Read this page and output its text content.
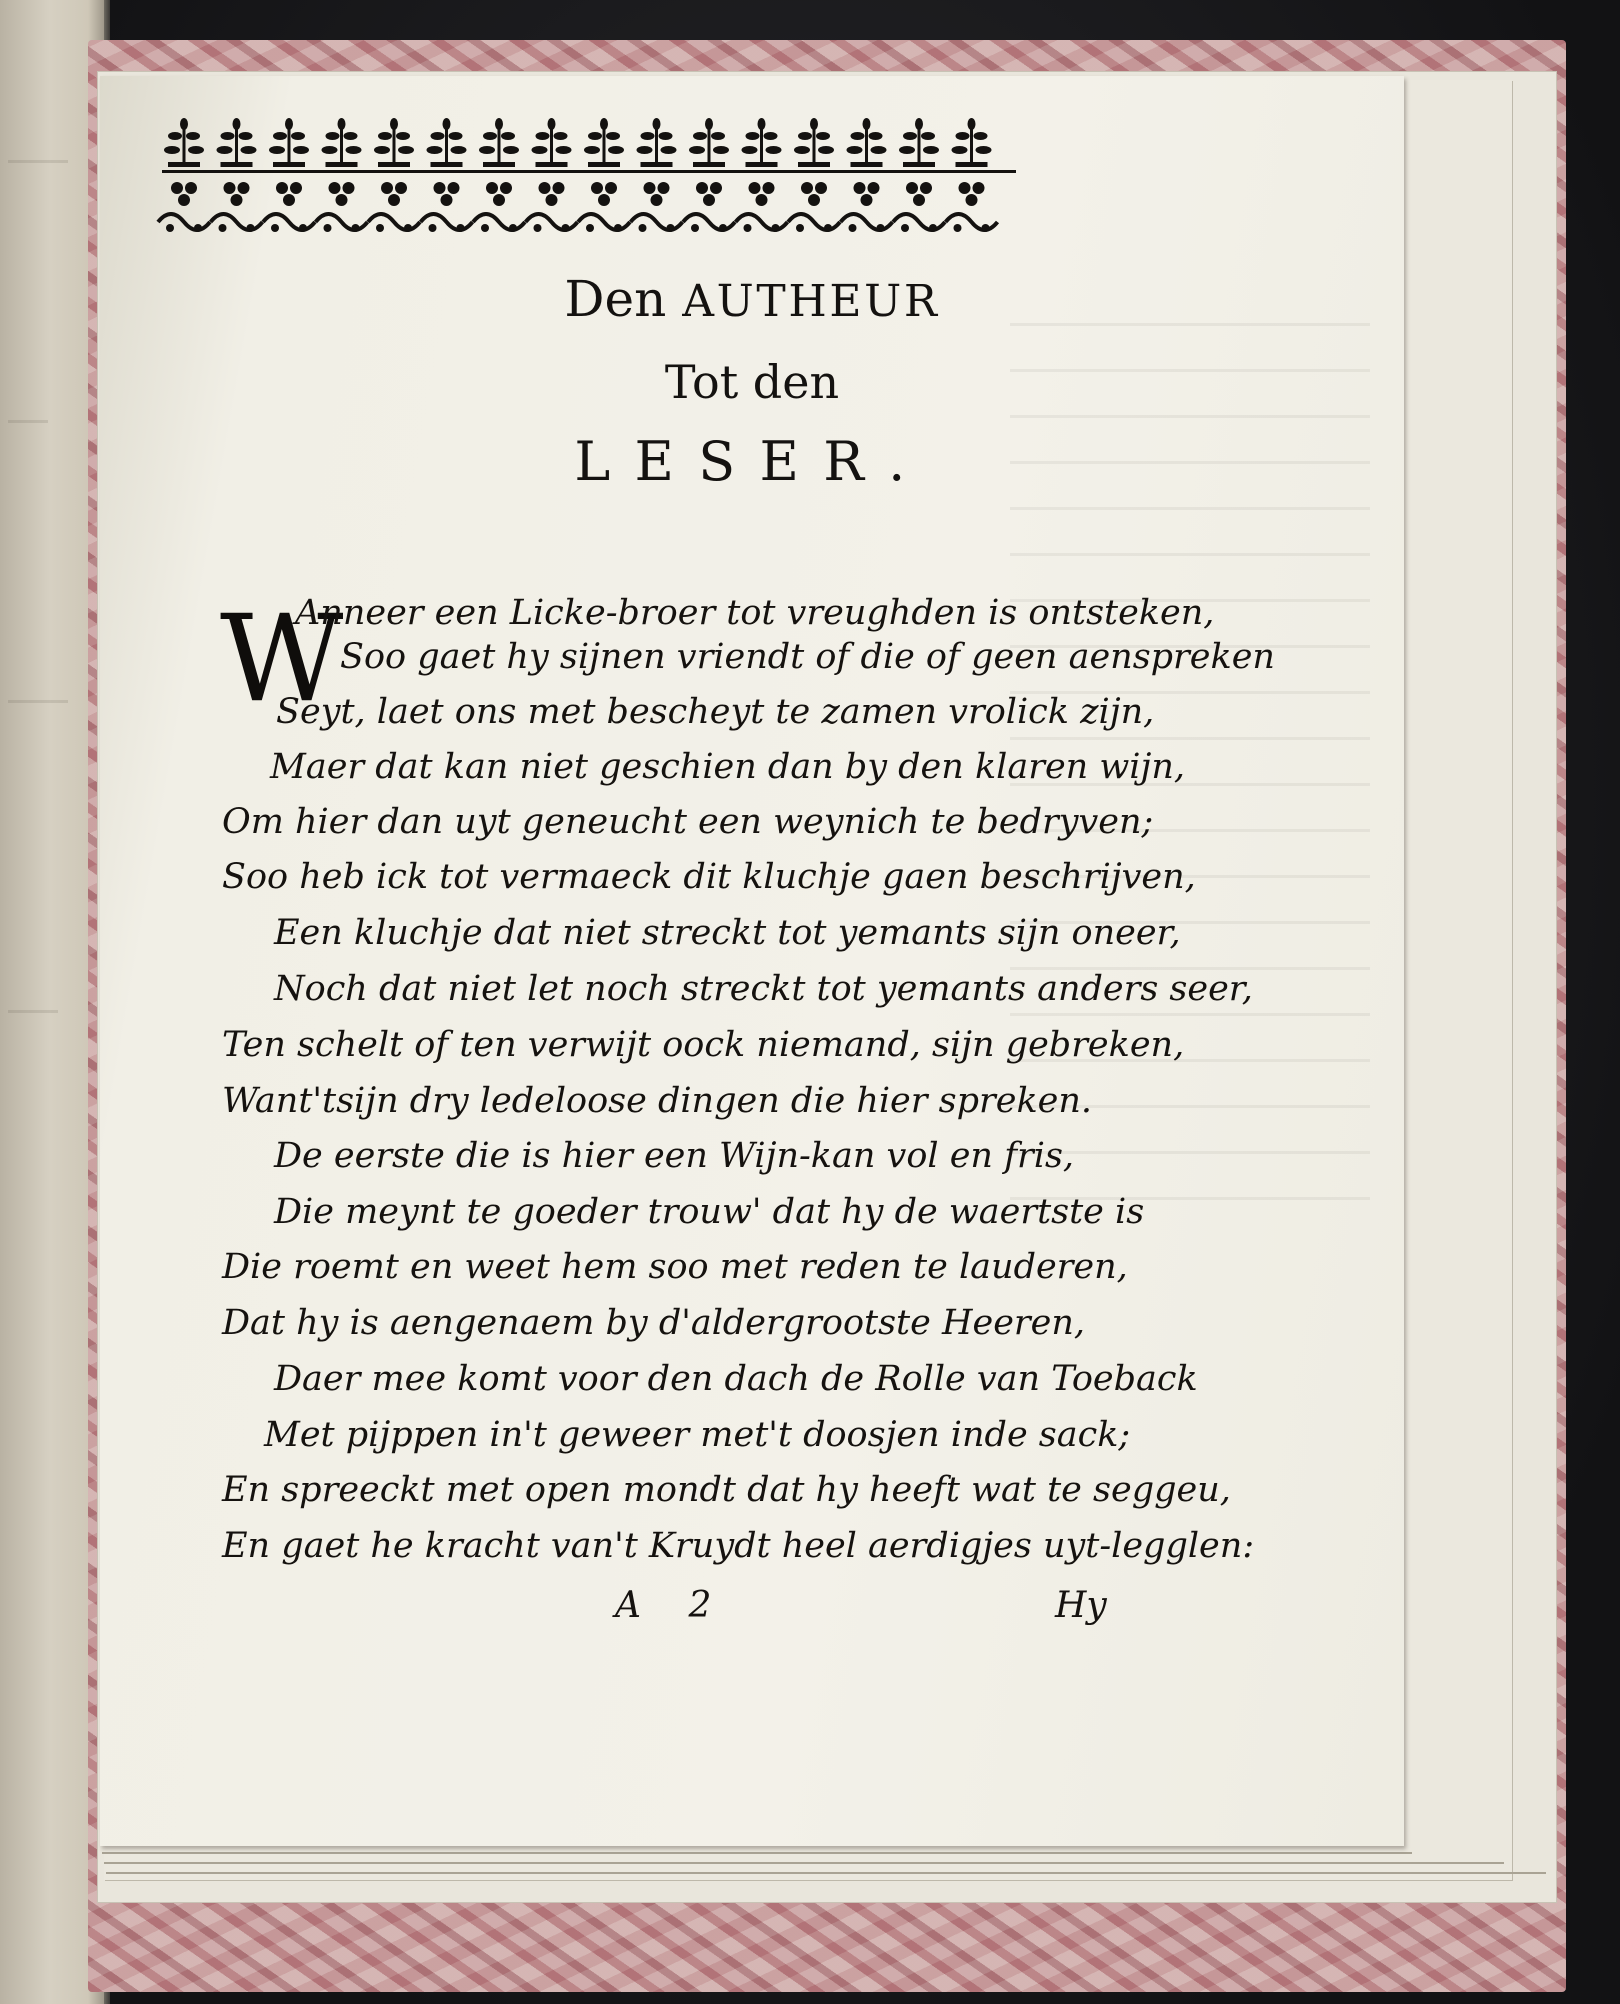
Den AUTHEUR
Tot den
LESER.
W
Anneer een Licke-broer tot vreughden is ontsteken,
Soo gaet hy sijnen vriendt of die of geen aenspreken
Seyt, laet ons met bescheyt te zamen vrolick zijn,
Maer dat kan niet geschien dan by den klaren wijn,
Om hier dan uyt geneucht een weynich te bedryven;
Soo heb ick tot vermaeck dit kluchje gaen beschrijven,
Een kluchje dat niet streckt tot yemants sijn oneer,
Noch dat niet let noch streckt tot yemants anders seer,
Ten schelt of ten verwijt oock niemand, sijn gebreken,
Want'tsijn dry ledeloose dingen die hier spreken.
De eerste die is hier een Wijn-kan vol en fris,
Die meynt te goeder trouw' dat hy de waertste is
Die roemt en weet hem soo met reden te lauderen,
Dat hy is aengenaem by d'aldergrootste Heeren,
Daer mee komt voor den dach de Rolle van Toeback
Met pijppen in't geweer met't doosjen inde sack;
En spreeckt met open mondt dat hy heeft wat te seggeu,
En gaet he kracht van't Kruydt heel aerdigjes uyt-legglen:
A 2	Hy
